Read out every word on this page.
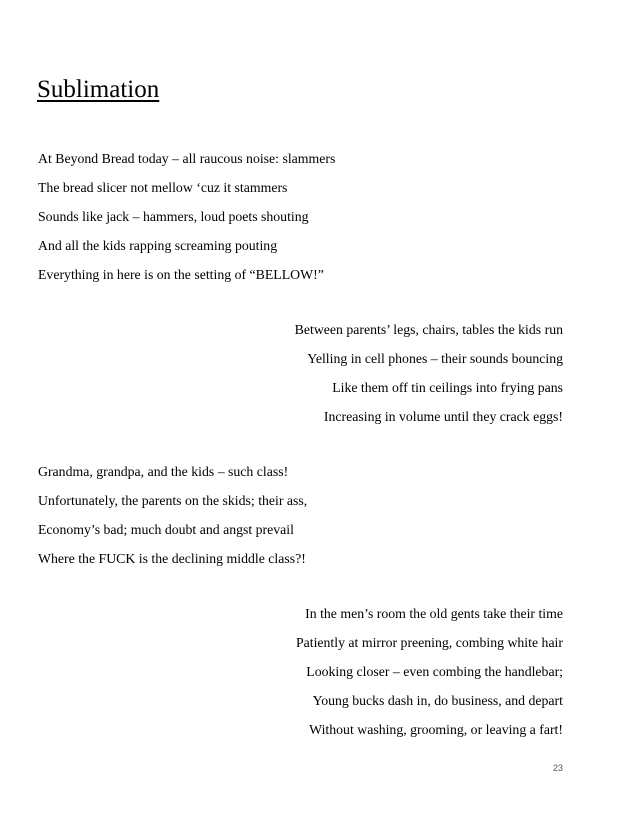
Sublimation
At Beyond Bread today – all raucous noise: slammers
The bread slicer not mellow ‘cuz it stammers
Sounds like jack – hammers, loud poets shouting
And all the kids rapping screaming pouting
Everything in here is on the setting of “BELLOW!”
Between parents’ legs, chairs, tables the kids run
Yelling in cell phones – their sounds bouncing
Like them off tin ceilings into frying pans
Increasing in volume until they crack eggs!
Grandma, grandpa, and the kids – such class!
Unfortunately, the parents on the skids; their ass,
Economy’s bad; much doubt and angst prevail
Where the FUCK is the declining middle class?!
In the men’s room the old gents take their time
Patiently at mirror preening, combing white hair
Looking closer – even combing the handlebar;
Young bucks dash in, do business, and depart
Without washing, grooming, or leaving a fart!
23
